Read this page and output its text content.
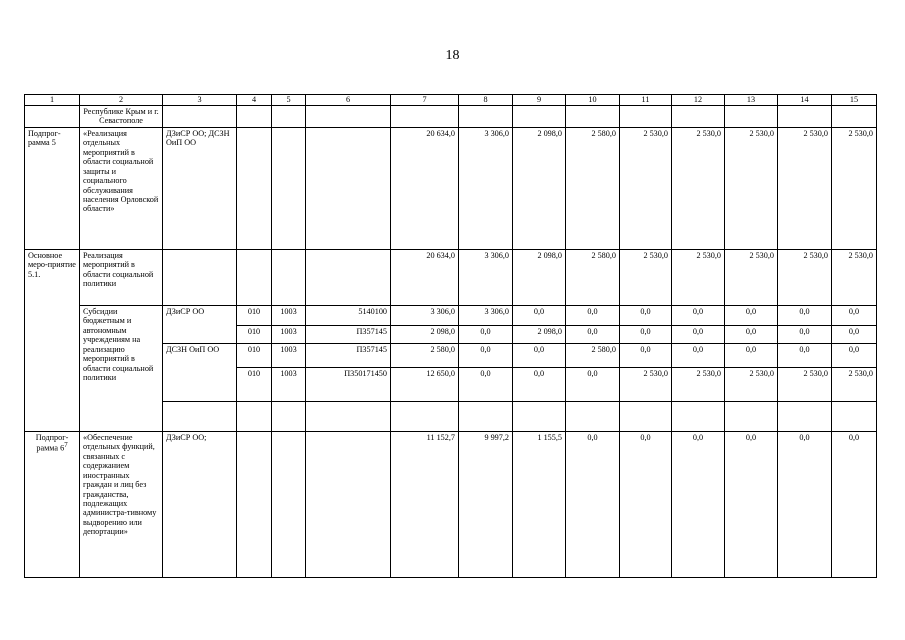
18
1	2	3	4	5	6	7	8	9	10	11	12	13	14	15
	Республике Крым и г. Севастополе													
Подпрог-рамма 5	«Реализация отдельных мероприятий в области социальной защиты и социального обслуживания населения Орловской области»	ДЗиСР ОО; ДСЗН ОиП ОО				20 634,0	3 306,0	2 098,0	2 580,0	2 530,0	2 530,0	2 530,0	2 530,0	2 530,0
Основное меро-приятие 5.1.	Реализация мероприятий в области социальной политики					20 634,0	3 306,0	2 098,0	2 580,0	2 530,0	2 530,0	2 530,0	2 530,0	2 530,0
	Субсидии бюджетным и автономным учреждениям на реализацию мероприятий в области социальной политики	ДЗиСР ОО	010	1003	5140100	3 306,0	3 306,0	0,0	0,0	0,0	0,0	0,0	0,0	0,0
			010	1003	П357145	2 098,0	0,0	2 098,0	0,0	0,0	0,0	0,0	0,0	0,0
		ДСЗН ОиП ОО	010	1003	П357145	2 580,0	0,0	0,0	2 580,0	0,0	0,0	0,0	0,0	0,0
			010	1003	П350171450	12 650,0	0,0	0,0	0,0	2 530,0	2 530,0	2 530,0	2 530,0	2 530,0

Подпрог-рамма $6^7$	«Обеспечение отдельных функций, связанных с содержанием иностранных граждан и лиц без гражданства, подлежащих администра-тивному выдворению или депортации»	ДЗиСР ОО;				11 152,7	9 997,2	1 155,5	0,0	0,0	0,0	0,0	0,0	0,0
